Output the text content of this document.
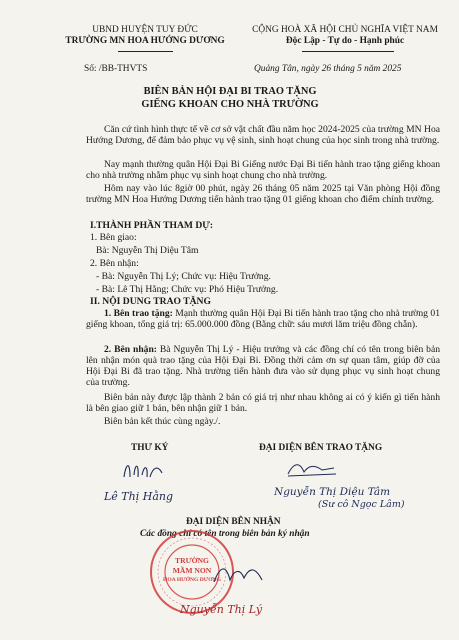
UBND HUYỆN TUY ĐỨC
TRƯỜNG MN HOA HƯỚNG DƯƠNG
CỘNG HOÀ XÃ HỘI CHỦ NGHĨA VIỆT NAM
Độc Lập - Tự do - Hạnh phúc
Số: /BB-THVTS	Quảng Tân, ngày 26 tháng 5 năm 2025
BIÊN BẢN HỘI ĐẠI BI TRAO TẶNG
GIẾNG KHOAN CHO NHÀ TRƯỜNG
Căn cứ tình hình thực tế về cơ sở vật chất đầu năm học 2024-2025 của trường MN Hoa Hướng Dương, để đảm bảo phục vụ vệ sinh, sinh hoạt chung của học sinh trong nhà trường.
Nay mạnh thường quân Hội Đại Bi Giếng nước Đại Bi tiến hành trao tặng giếng khoan cho nhà trường nhằm phục vụ sinh hoạt chung cho nhà trường.
Hôm nay vào lúc 8giờ 00 phút, ngày 26 tháng 05 năm 2025 tại Văn phòng Hội đồng trường MN Hoa Hướng Dương tiến hành trao tặng 01 giếng khoan cho điểm chính trường.
I.THÀNH PHẦN THAM DỰ:
1. Bên giao:
Bà: Nguyễn Thị Diệu Tâm
2. Bên nhận:
- Bà: Nguyễn Thị Lý; Chức vụ: Hiệu Trưởng.
- Bà: Lê Thị Hằng; Chức vụ: Phó Hiệu Trưởng.
II. NỘI DUNG TRAO TẶNG
1. Bên trao tặng: Mạnh thường quân Hội Đại Bi tiến hành trao tặng cho nhà trường 01 giếng khoan, tổng giá trị: 65.000.000 đồng (Bằng chữ: sáu mươi lăm triệu đồng chẵn).
2. Bên nhận: Bà Nguyễn Thị Lý - Hiệu trưởng và các đồng chí có tên trong biên bản lên nhận món quà trao tặng của Hội Đại Bi. Đồng thời cảm ơn sự quan tâm, giúp đỡ của Hội Đại Bi đã trao tặng. Nhà trường tiến hành đưa vào sử dụng phục vụ sinh hoạt chung của trường.
Biên bản này được lập thành 2 bản có giá trị như nhau không ai có ý kiến gì tiến hành là bên giao giữ 1 bản, bên nhận giữ 1 bản.
Biên bản kết thúc cùng ngày./.
THƯ KÝ	ĐẠI DIỆN BÊN TRAO TẶNG
Lê Thị Hằng	Nguyễn Thị Diệu Tâm
(Sư cô Ngọc Lâm)
ĐẠI DIỆN BÊN NHẬN
Các đồng chí có tên trong biên bản ký nhận
TRƯỜNG
MẦM NON
HOA HƯỚNG DƯƠNG
Nguyễn Thị Lý
